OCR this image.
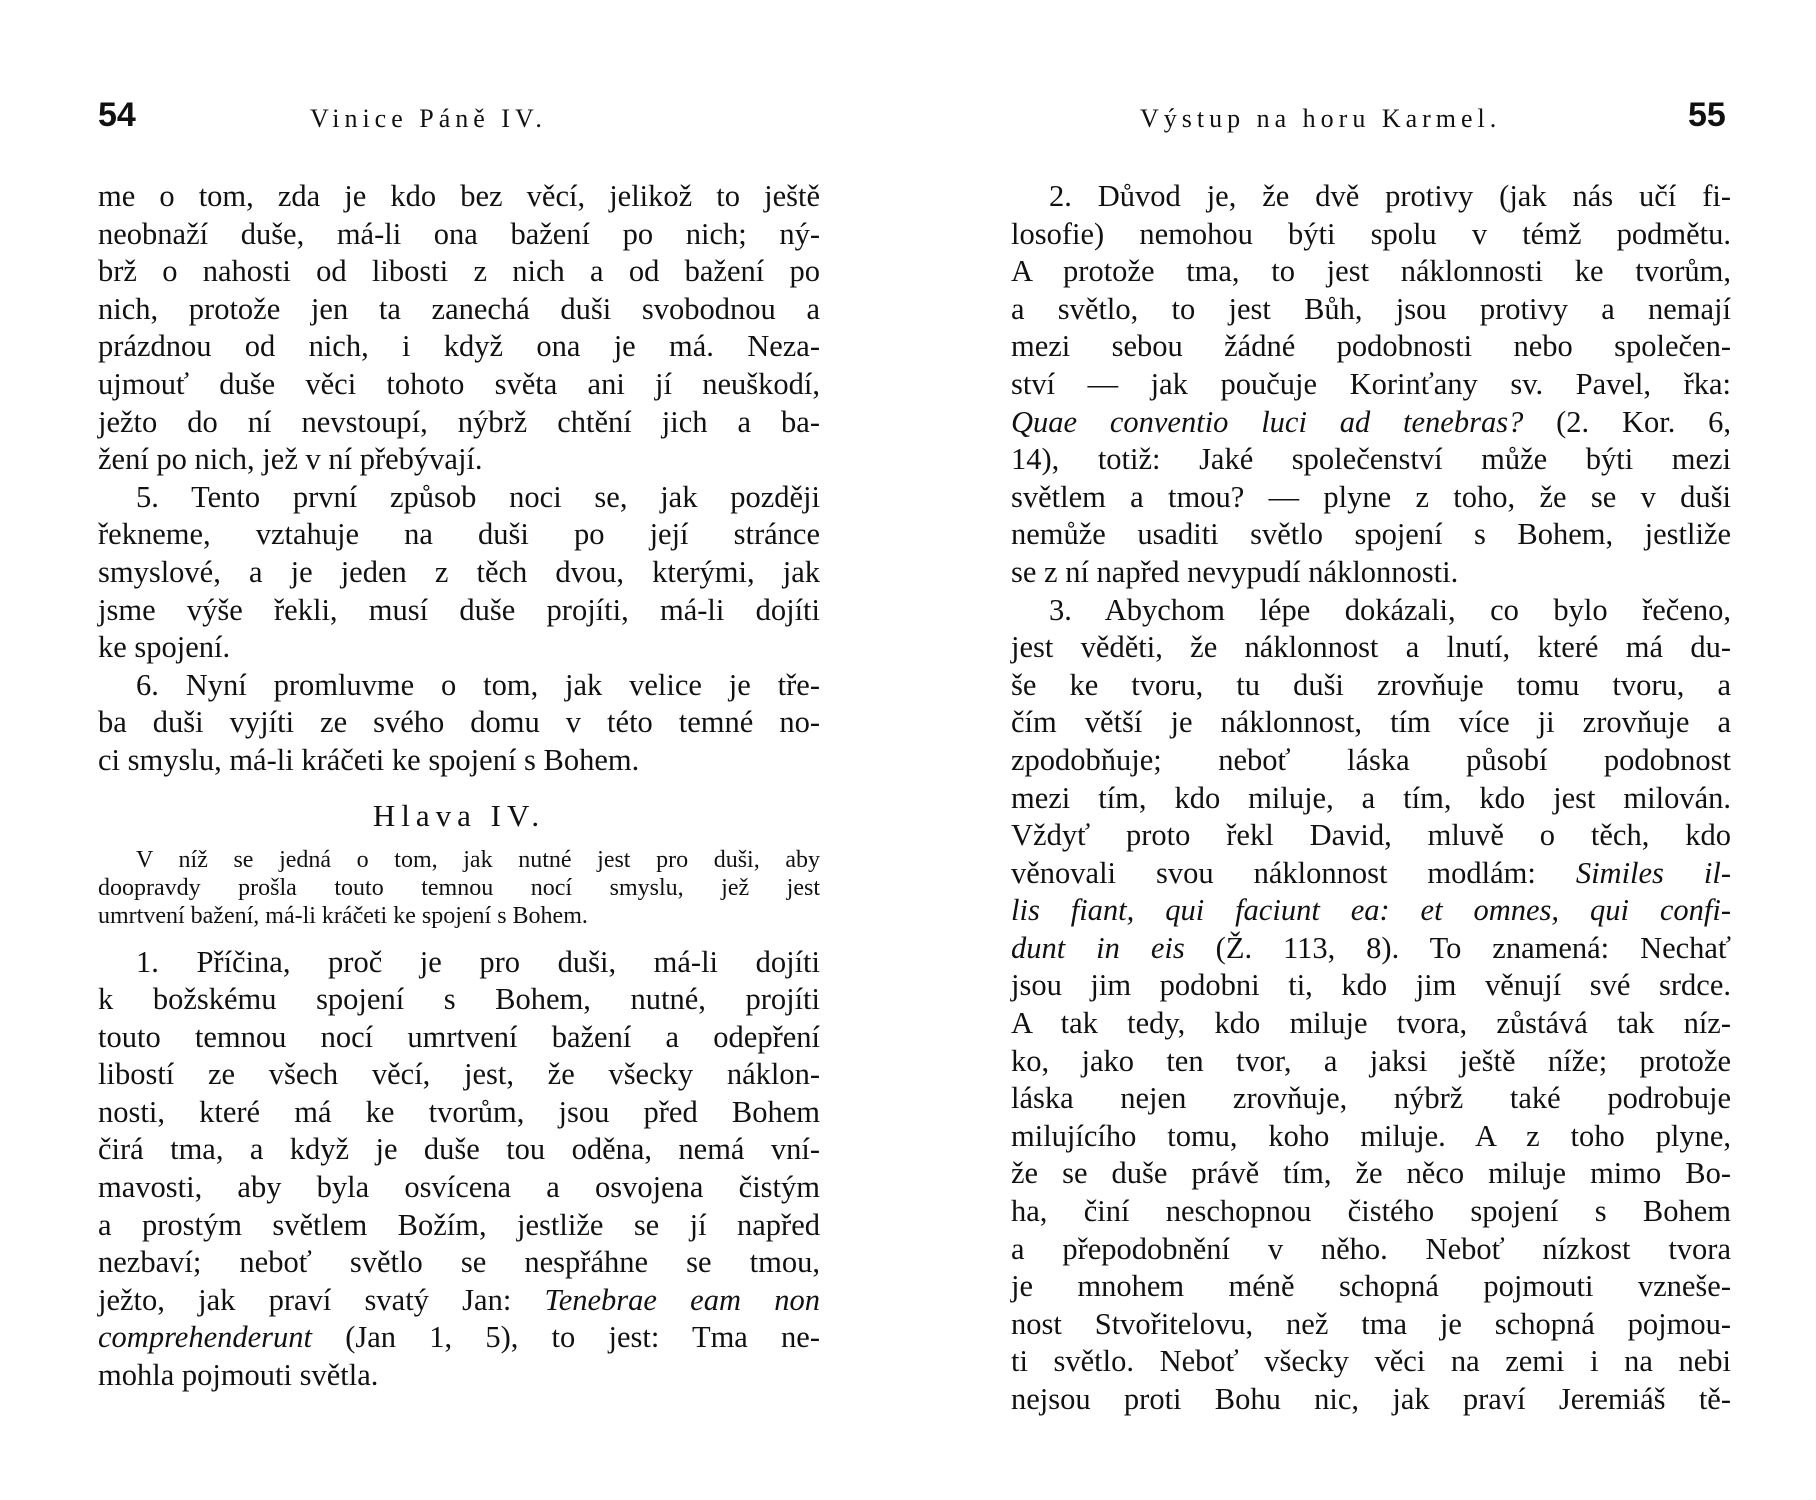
54	Vinice Páně IV.
me o tom, zda je kdo bez věcí, jelikož to ještě
neobnaží duše, má-li ona bažení po nich; ný-
brž o nahosti od libosti z nich a od bažení po
nich, protože jen ta zanechá duši svobodnou a
prázdnou od nich, i když ona je má. Neza-
ujmouť duše věci tohoto světa ani jí neuškodí,
ježto do ní nevstoupí, nýbrž chtění jich a ba-
žení po nich, jež v ní přebývají.
5. Tento první způsob noci se, jak později
řekneme, vztahuje na duši po její stránce
smyslové, a je jeden z těch dvou, kterými, jak
jsme výše řekli, musí duše projíti, má-li dojíti
ke spojení.
6. Nyní promluvme o tom, jak velice je tře-
ba duši vyjíti ze svého domu v této temné no-
ci smyslu, má-li kráčeti ke spojení s Bohem.
Hlava IV.
V níž se jedná o tom, jak nutné jest pro duši, aby
doopravdy prošla touto temnou nocí smyslu, jež jest
umrtvení bažení, má-li kráčeti ke spojení s Bohem.
1. Příčina, proč je pro duši, má-li dojíti
k božskému spojení s Bohem, nutné, projíti
touto temnou nocí umrtvení bažení a odepření
libostí ze všech věcí, jest, že všecky náklon-
nosti, které má ke tvorům, jsou před Bohem
čirá tma, a když je duše tou oděna, nemá vní-
mavosti, aby byla osvícena a osvojena čistým
a prostým světlem Božím, jestliže se jí napřed
nezbaví; neboť světlo se nespřáhne se tmou,
ježto, jak praví svatý Jan: Tenebrae eam non
comprehenderunt (Jan 1, 5), to jest: Tma ne-
mohla pojmouti světla.
Výstup na horu Karmel.	55
2. Důvod je, že dvě protivy (jak nás učí fi-
losofie) nemohou býti spolu v témž podmětu.
A protože tma, to jest náklonnosti ke tvorům,
a světlo, to jest Bůh, jsou protivy a nemají
mezi sebou žádné podobnosti nebo společen-
ství — jak poučuje Korinťany sv. Pavel, řka:
Quae conventio luci ad tenebras? (2. Kor. 6,
14), totiž: Jaké společenství může býti mezi
světlem a tmou? — plyne z toho, že se v duši
nemůže usaditi světlo spojení s Bohem, jestliže
se z ní napřed nevypudí náklonnosti.
3. Abychom lépe dokázali, co bylo řečeno,
jest věděti, že náklonnost a lnutí, které má du-
še ke tvoru, tu duši zrovňuje tomu tvoru, a
čím větší je náklonnost, tím více ji zrovňuje a
zpodobňuje; neboť láska působí podobnost
mezi tím, kdo miluje, a tím, kdo jest milován.
Vždyť proto řekl David, mluvě o těch, kdo
věnovali svou náklonnost modlám: Similes il-
lis fiant, qui faciunt ea: et omnes, qui confi-
dunt in eis (Ž. 113, 8). To znamená: Nechať
jsou jim podobni ti, kdo jim věnují své srdce.
A tak tedy, kdo miluje tvora, zůstává tak níz-
ko, jako ten tvor, a jaksi ještě níže; protože
láska nejen zrovňuje, nýbrž také podrobuje
milujícího tomu, koho miluje. A z toho plyne,
že se duše právě tím, že něco miluje mimo Bo-
ha, činí neschopnou čistého spojení s Bohem
a přepodobnění v něho. Neboť nízkost tvora
je mnohem méně schopná pojmouti vzneše-
nost Stvořitelovu, než tma je schopná pojmou-
ti světlo. Neboť všecky věci na zemi i na nebi
nejsou proti Bohu nic, jak praví Jeremiáš tě-
